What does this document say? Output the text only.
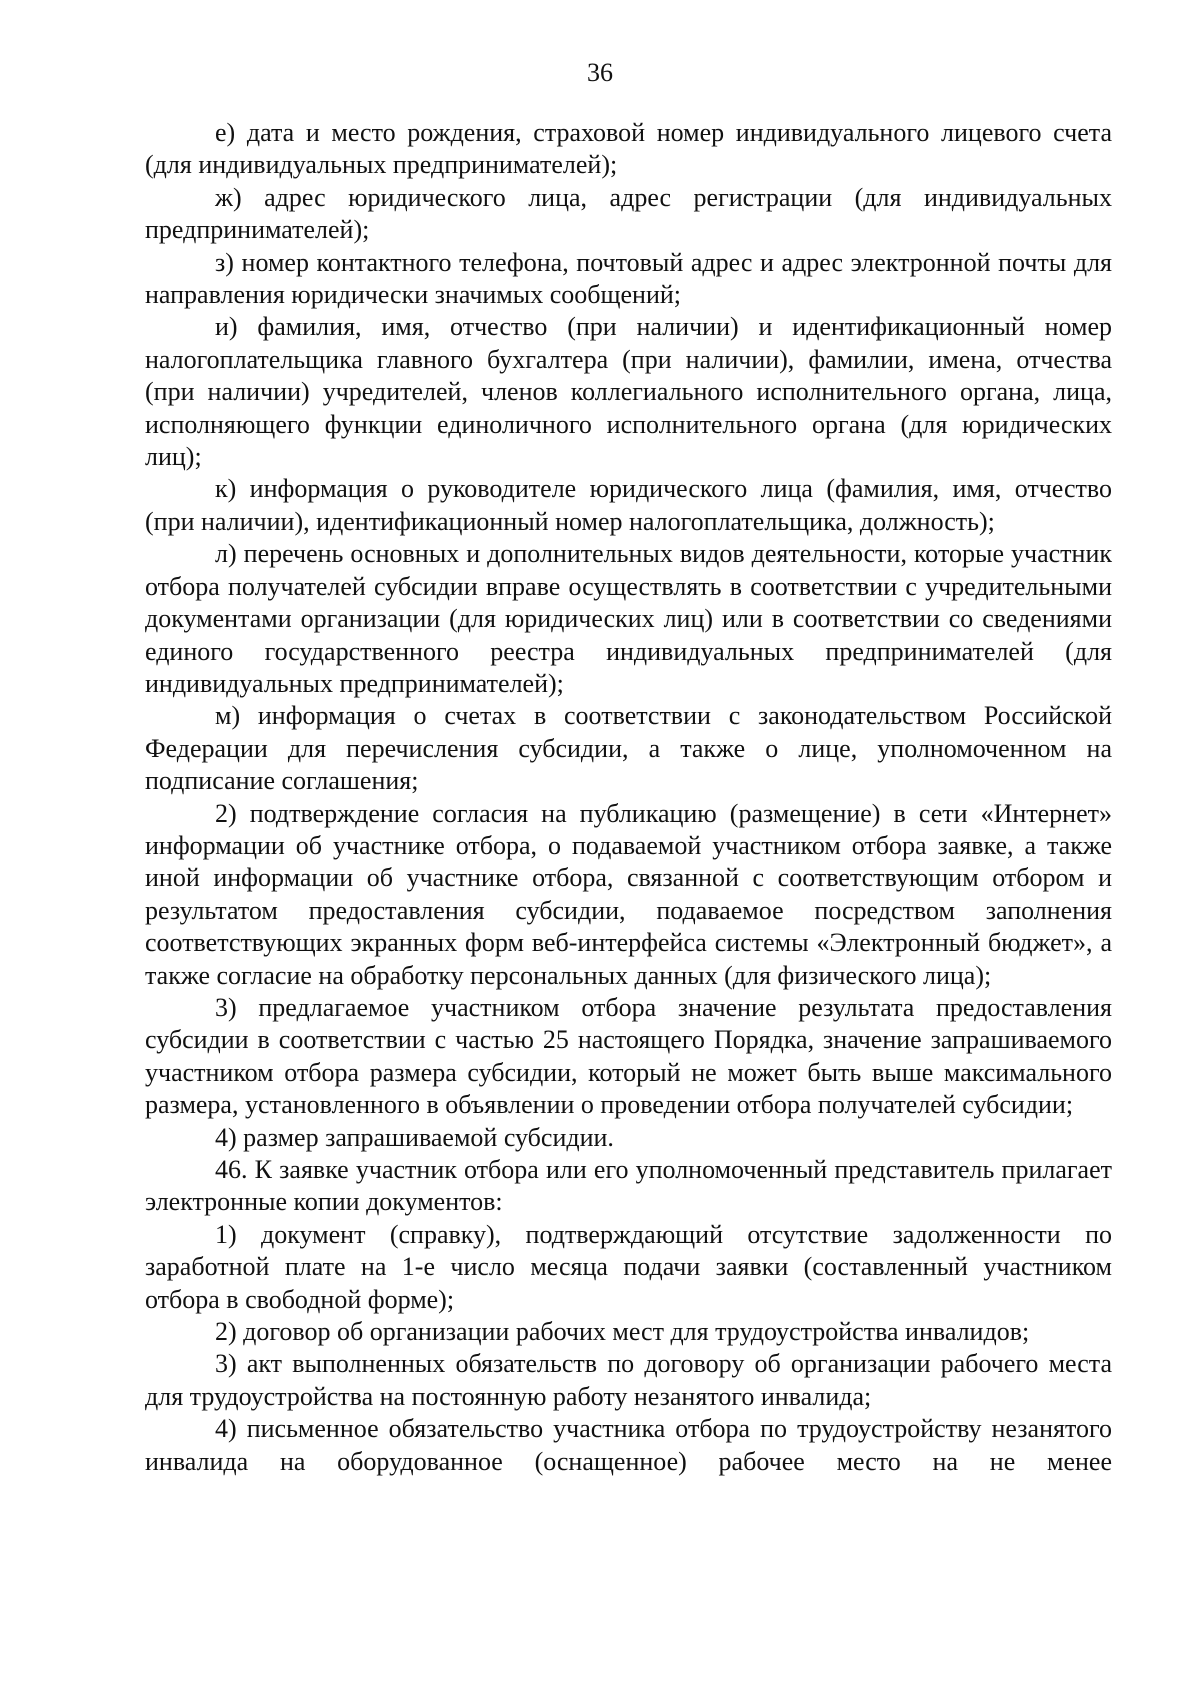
36

е) дата и место рождения, страховой номер индивидуального лицевого счета (для индивидуальных предпринимателей);

ж) адрес юридического лица, адрес регистрации (для индивидуальных предпринимателей);

з) номер контактного телефона, почтовый адрес и адрес электронной почты для направления юридически значимых сообщений;

и) фамилия, имя, отчество (при наличии) и идентификационный номер налогоплательщика главного бухгалтера (при наличии), фамилии, имена, отчества (при наличии) учредителей, членов коллегиального исполнительного органа, лица, исполняющего функции единоличного исполнительного органа (для юридических лиц);

к) информация о руководителе юридического лица (фамилия, имя, отчество (при наличии), идентификационный номер налогоплательщика, должность);

л) перечень основных и дополнительных видов деятельности, которые участник отбора получателей субсидии вправе осуществлять в соответствии с учредительными документами организации (для юридических лиц) или в соответствии со сведениями единого государственного реестра индивидуальных предпринимателей (для индивидуальных предпринимателей);

м) информация о счетах в соответствии с законодательством Российской Федерации для перечисления субсидии, а также о лице, уполномоченном на подписание соглашения;

2) подтверждение согласия на публикацию (размещение) в сети «Интернет» информации об участнике отбора, о подаваемой участником отбора заявке, а также иной информации об участнике отбора, связанной с соответствующим отбором и результатом предоставления субсидии, подаваемое посредством заполнения соответствующих экранных форм веб-интерфейса системы «Электронный бюджет», а также согласие на обработку персональных данных (для физического лица);

3) предлагаемое участником отбора значение результата предоставления субсидии в соответствии с частью 25 настоящего Порядка, значение запрашиваемого участником отбора размера субсидии, который не может быть выше максимального размера, установленного в объявлении о проведении отбора получателей субсидии;

4) размер запрашиваемой субсидии.

46. К заявке участник отбора или его уполномоченный представитель прилагает электронные копии документов:

1) документ (справку), подтверждающий отсутствие задолженности по заработной плате на 1-е число месяца подачи заявки (составленный участником отбора в свободной форме);

2) договор об организации рабочих мест для трудоустройства инвалидов;

3) акт выполненных обязательств по договору об организации рабочего места для трудоустройства на постоянную работу незанятого инвалида;

4) письменное обязательство участника отбора по трудоустройству незанятого инвалида на оборудованное (оснащенное) рабочее место на не менее
